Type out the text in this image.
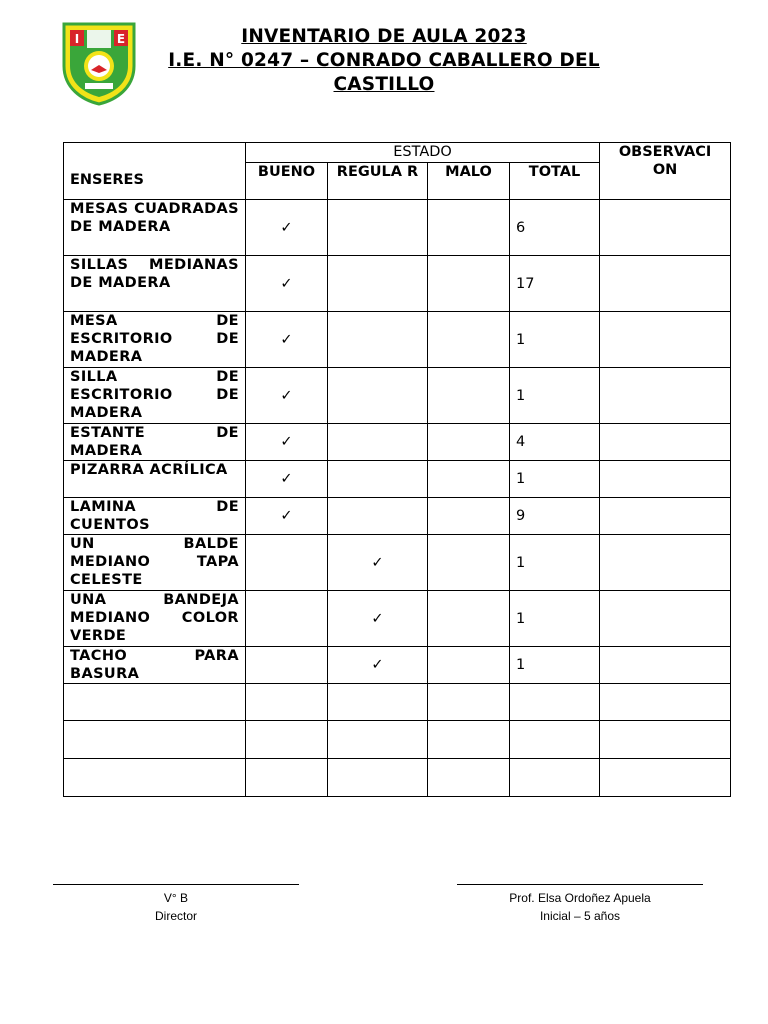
I	E	INVENTARIO DE AULA 2023
I.E. N° 0247 – CONRADO CABALLERO DEL
CASTILLO
ENSERES	ESTADO				OBSERVACI ON
	BUENO	REGULA R	MALO	TOTAL	
MESAS CUADRADAS DE MADERA	✓			6	
SILLAS MEDIANAS DE MADERA	✓			17	
MESA DE ESCRITORIO DE MADERA	✓			1	
SILLA DE ESCRITORIO DE MADERA	✓			1	
ESTANTE DE MADERA	✓			4	
PIZARRA ACRÍLICA	✓			1	
LAMINA DE CUENTOS	✓			9	
UN BALDE MEDIANO TAPA CELESTE		✓		1	
UNA BANDEJA MEDIANO COLOR VERDE		✓		1	
TACHO PARA BASURA		✓		1	

V° B
Director
Prof. Elsa Ordoñez Apuela
Inicial – 5 años
